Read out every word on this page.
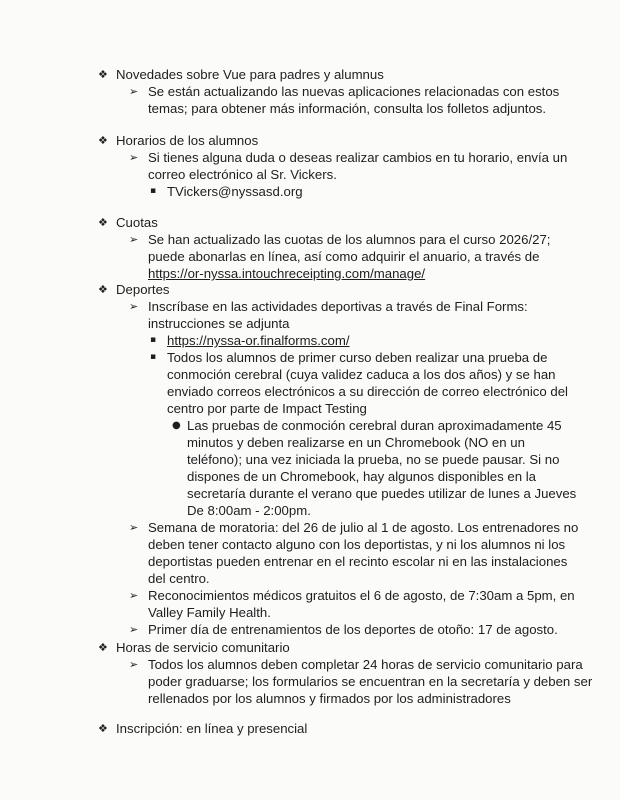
❖ Novedades sobre Vue para padres y alumnus
➢ Se están actualizando las nuevas aplicaciones relacionadas con estos
temas; para obtener más información, consulta los folletos adjuntos.
❖ Horarios de los alumnos
➢ Si tienes alguna duda o deseas realizar cambios en tu horario, envía un
correo electrónico al Sr. Vickers.
▪ TVickers@nyssasd.org
❖ Cuotas
➢ Se han actualizado las cuotas de los alumnos para el curso 2026/27;
puede abonarlas en línea, así como adquirir el anuario, a través de
https://or-nyssa.intouchreceipting.com/manage/
❖ Deportes
➢ Inscríbase en las actividades deportivas a través de Final Forms:
instrucciones se adjunta
▪ https://nyssa-or.finalforms.com/
▪ Todos los alumnos de primer curso deben realizar una prueba de
conmoción cerebral (cuya validez caduca a los dos años) y se han
enviado correos electrónicos a su dirección de correo electrónico del
centro por parte de Impact Testing
● Las pruebas de conmoción cerebral duran aproximadamente 45
minutos y deben realizarse en un Chromebook (NO en un
teléfono); una vez iniciada la prueba, no se puede pausar. Si no
dispones de un Chromebook, hay algunos disponibles en la
secretaría durante el verano que puedes utilizar de lunes a Jueves
De 8:00am - 2:00pm.
➢ Semana de moratoria: del 26 de julio al 1 de agosto. Los entrenadores no
deben tener contacto alguno con los deportistas, y ni los alumnos ni los
deportistas pueden entrenar en el recinto escolar ni en las instalaciones
del centro.
➢ Reconocimientos médicos gratuitos el 6 de agosto, de 7:30am a 5pm, en
Valley Family Health.
➢ Primer día de entrenamientos de los deportes de otoño: 17 de agosto.
❖ Horas de servicio comunitario
➢ Todos los alumnos deben completar 24 horas de servicio comunitario para
poder graduarse; los formularios se encuentran en la secretaría y deben ser
rellenados por los alumnos y firmados por los administradores
❖ Inscripción: en línea y presencial
